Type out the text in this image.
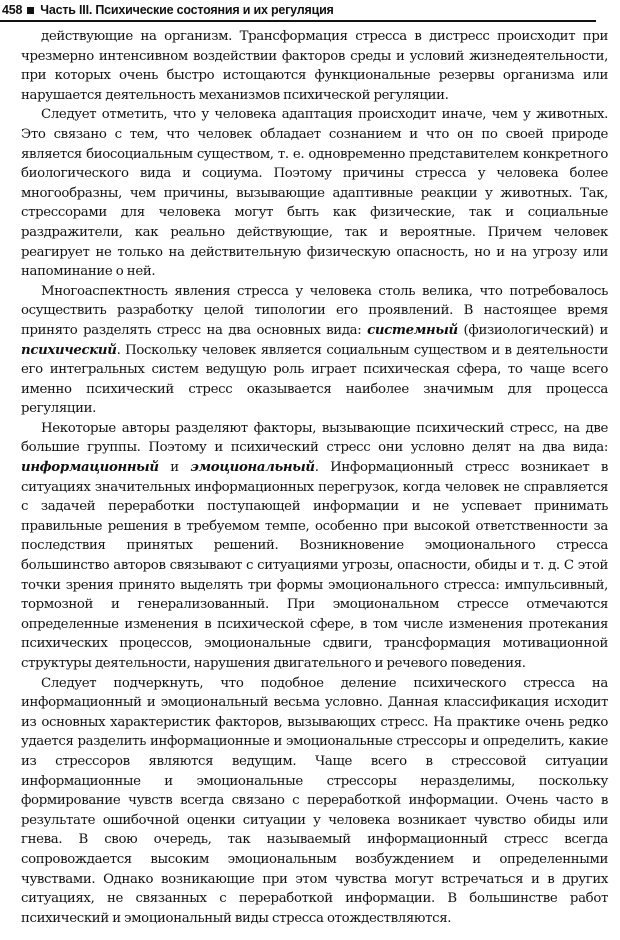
458 Часть III. Психические состояния и их регуляция

действующие на организм. Трансформация стресса в дистресс происходит при чрезмерно интенсивном воздействии факторов среды и условий жизнедеятельности, при которых очень быстро истощаются функциональные резервы организма или нарушается деятельность механизмов психической регуляции.

Следует отметить, что у человека адаптация происходит иначе, чем у животных. Это связано с тем, что человек обладает сознанием и что он по своей природе является биосоциальным существом, т. е. одновременно представителем конкретного биологического вида и социума. Поэтому причины стресса у человека более многообразны, чем причины, вызывающие адаптивные реакции у животных. Так, стрессорами для человека могут быть как физические, так и социальные раздражители, как реально действующие, так и вероятные. Причем человек реагирует не только на действительную физическую опасность, но и на угрозу или напоминание о ней.

Многоаспектность явления стресса у человека столь велика, что потребовалось осуществить разработку целой типологии его проявлений. В настоящее время принято разделять стресс на два основных вида: системный (физиологический) и психический. Поскольку человек является социальным существом и в деятельности его интегральных систем ведущую роль играет психическая сфера, то чаще всего именно психический стресс оказывается наиболее значимым для процесса регуляции.

Некоторые авторы разделяют факторы, вызывающие психический стресс, на две большие группы. Поэтому и психический стресс они условно делят на два вида: информационный и эмоциональный. Информационный стресс возникает в ситуациях значительных информационных перегрузок, когда человек не справляется с задачей переработки поступающей информации и не успевает принимать правильные решения в требуемом темпе, особенно при высокой ответственности за последствия принятых решений. Возникновение эмоционального стресса большинство авторов связывают с ситуациями угрозы, опасности, обиды и т. д. С этой точки зрения принято выделять три формы эмоционального стресса: импульсивный, тормозной и генерализованный. При эмоциональном стрессе отмечаются определенные изменения в психической сфере, в том числе изменения протекания психических процессов, эмоциональные сдвиги, трансформация мотивационной структуры деятельности, нарушения двигательного и речевого поведения.

Следует подчеркнуть, что подобное деление психического стресса на информационный и эмоциональный весьма условно. Данная классификация исходит из основных характеристик факторов, вызывающих стресс. На практике очень редко удается разделить информационные и эмоциональные стрессоры и определить, какие из стрессоров являются ведущим. Чаще всего в стрессовой ситуации информационные и эмоциональные стрессоры неразделимы, поскольку формирование чувств всегда связано с переработкой информации. Очень часто в результате ошибочной оценки ситуации у человека возникает чувство обиды или гнева. В свою очередь, так называемый информационный стресс всегда сопровождается высоким эмоциональным возбуждением и определенными чувствами. Однако возникающие при этом чувства могут встречаться и в других ситуациях, не связанных с переработкой информации. В большинстве работ психический и эмоциональный виды стресса отождествляются.
